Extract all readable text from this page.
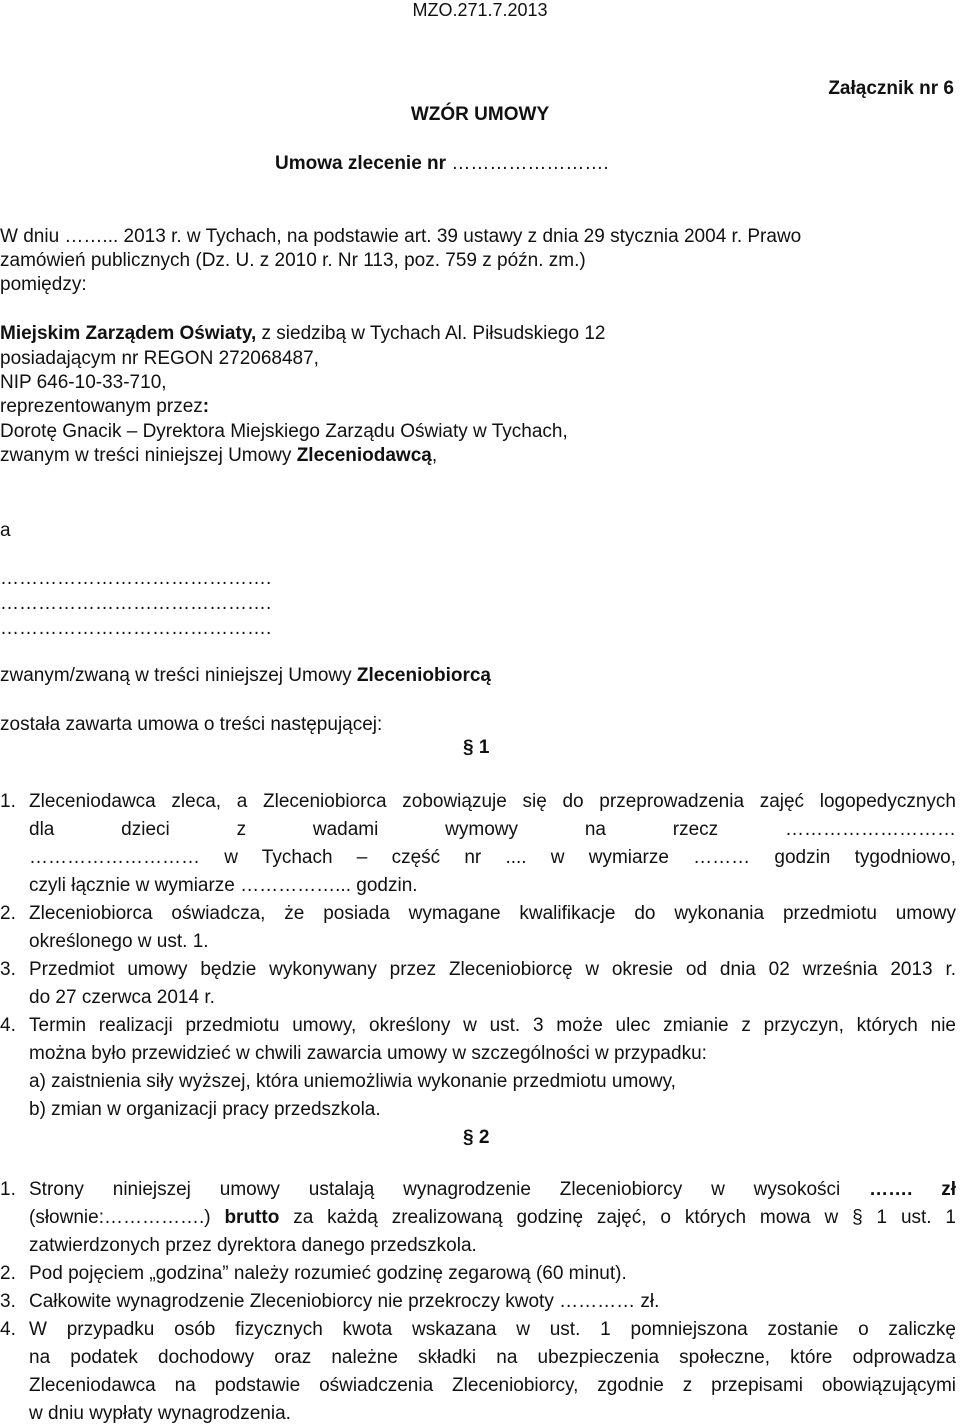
MZO.271.7.2013
Załącznik nr 6
WZÓR UMOWY
Umowa zlecenie nr …………………….
W dniu ……... 2013 r. w Tychach, na podstawie art. 39 ustawy z dnia 29 stycznia 2004 r. Prawo
zamówień publicznych (Dz. U. z 2010 r. Nr 113, poz. 759 z późn. zm.)
pomiędzy:
Miejskim Zarządem Oświaty, z siedzibą w Tychach Al. Piłsudskiego 12
posiadającym nr REGON 272068487,
NIP 646-10-33-710,
reprezentowanym przez:
Dorotę Gnacik – Dyrektora Miejskiego Zarządu Oświaty w Tychach,
zwanym w treści niniejszej Umowy Zleceniodawcą,
a
…………………………………….
…………………………………….
…………………………………….
zwanym/zwaną w treści niniejszej Umowy Zleceniobiorcą
została zawarta umowa o treści następującej:
§ 1
1. Zleceniodawca zleca, a Zleceniobiorca zobowiązuje się do przeprowadzenia zajęć logopedycznych
dla dzieci z wadami wymowy na rzecz ………………………
……………………… w Tychach – część nr .... w wymiarze ……… godzin tygodniowo,
czyli łącznie w wymiarze ……………... godzin.
2. Zleceniobiorca oświadcza, że posiada wymagane kwalifikacje do wykonania przedmiotu umowy
określonego w ust. 1.
3. Przedmiot umowy będzie wykonywany przez Zleceniobiorcę w okresie od dnia 02 września 2013 r.
do 27 czerwca 2014 r.
4. Termin realizacji przedmiotu umowy, określony w ust. 3 może ulec zmianie z przyczyn, których nie
można było przewidzieć w chwili zawarcia umowy w szczególności w przypadku:
a) zaistnienia siły wyższej, która uniemożliwia wykonanie przedmiotu umowy,
b) zmian w organizacji pracy przedszkola.
§ 2
1. Strony niniejszej umowy ustalają wynagrodzenie Zleceniobiorcy w wysokości ……. zł
(słownie:…………….) brutto za każdą zrealizowaną godzinę zajęć, o których mowa w § 1 ust. 1
zatwierdzonych przez dyrektora danego przedszkola.
2. Pod pojęciem „godzina” należy rozumieć godzinę zegarową (60 minut).
3. Całkowite wynagrodzenie Zleceniobiorcy nie przekroczy kwoty ………… zł.
4. W przypadku osób fizycznych kwota wskazana w ust. 1 pomniejszona zostanie o zaliczkę
na podatek dochodowy oraz należne składki na ubezpieczenia społeczne, które odprowadza
Zleceniodawca na podstawie oświadczenia Zleceniobiorcy, zgodnie z przepisami obowiązującymi
w dniu wypłaty wynagrodzenia.
